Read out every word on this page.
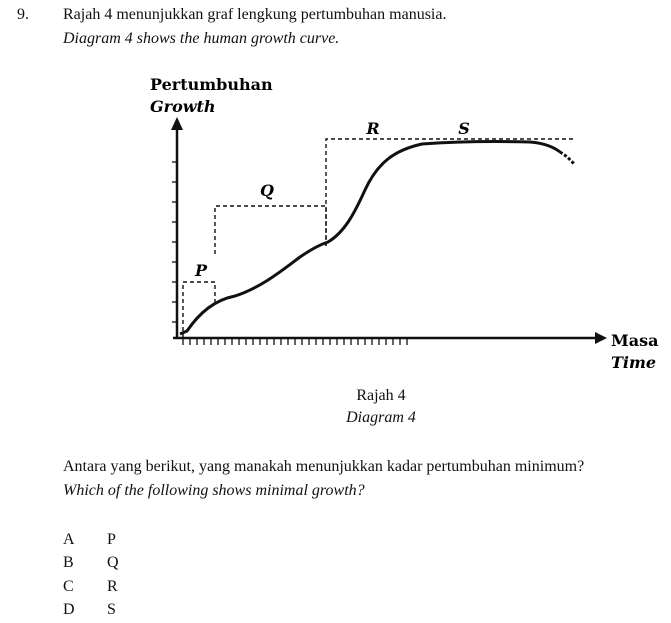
9. Rajah 4 menunjukkan graf lengkung pertumbuhan manusia.
Diagram 4 shows the human growth curve.
Pertumbuhan
Growth
Masa
Time
P
Q
R	S
Rajah 4
Diagram 4
Antara yang berikut, yang manakah menunjukkan kadar pertumbuhan minimum?
Which of the following shows minimal growth?
A	P
B	Q
C	R
D	S
